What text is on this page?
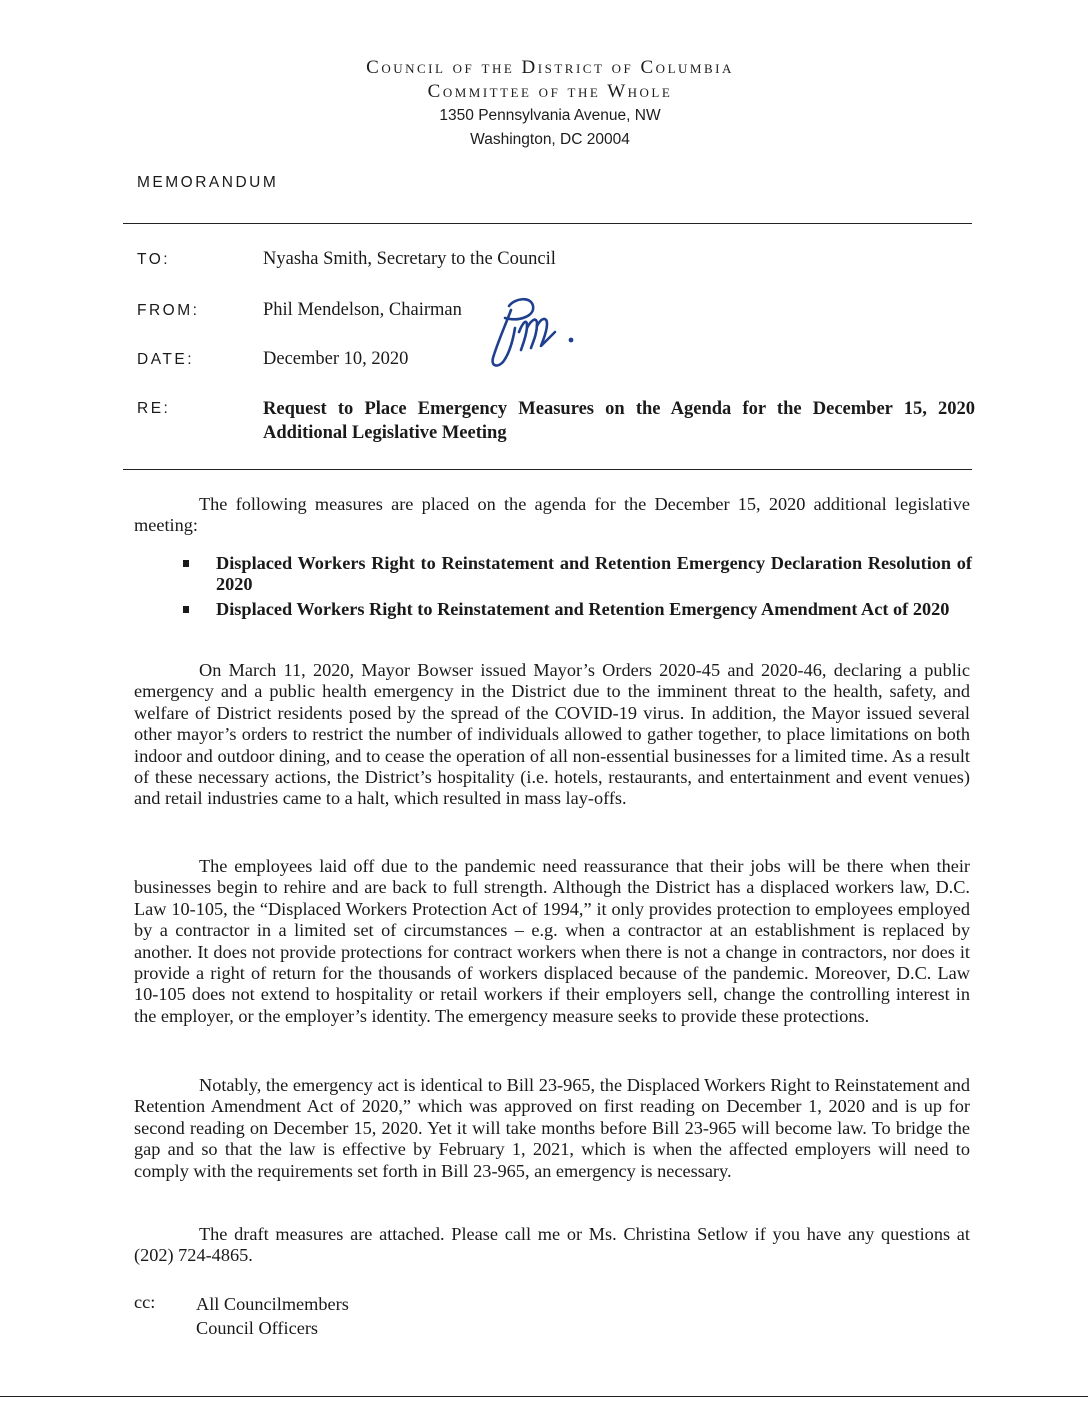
Council of the District of Columbia
Committee of the Whole
1350 Pennsylvania Avenue, NW
Washington, DC 20004
MEMORANDUM
TO:	Nyasha Smith, Secretary to the Council
FROM:	Phil Mendelson, Chairman
DATE:	December 10, 2020
RE:	Request to Place Emergency Measures on the Agenda for the December 15, 2020 Additional Legislative Meeting
The following measures are placed on the agenda for the December 15, 2020 additional legislative meeting:
Displaced Workers Right to Reinstatement and Retention Emergency Declaration Resolution of 2020
Displaced Workers Right to Reinstatement and Retention Emergency Amendment Act of 2020
On March 11, 2020, Mayor Bowser issued Mayor’s Orders 2020-45 and 2020-46, declaring a public emergency and a public health emergency in the District due to the imminent threat to the health, safety, and welfare of District residents posed by the spread of the COVID-19 virus. In addition, the Mayor issued several other mayor’s orders to restrict the number of individuals allowed to gather together, to place limitations on both indoor and outdoor dining, and to cease the operation of all non-essential businesses for a limited time. As a result of these necessary actions, the District’s hospitality (i.e. hotels, restaurants, and entertainment and event venues) and retail industries came to a halt, which resulted in mass lay-offs.
The employees laid off due to the pandemic need reassurance that their jobs will be there when their businesses begin to rehire and are back to full strength. Although the District has a displaced workers law, D.C. Law 10-105, the “Displaced Workers Protection Act of 1994,” it only provides protection to employees employed by a contractor in a limited set of circumstances – e.g. when a contractor at an establishment is replaced by another. It does not provide protections for contract workers when there is not a change in contractors, nor does it provide a right of return for the thousands of workers displaced because of the pandemic. Moreover, D.C. Law 10-105 does not extend to hospitality or retail workers if their employers sell, change the controlling interest in the employer, or the employer’s identity. The emergency measure seeks to provide these protections.
Notably, the emergency act is identical to Bill 23-965, the Displaced Workers Right to Reinstatement and Retention Amendment Act of 2020,” which was approved on first reading on December 1, 2020 and is up for second reading on December 15, 2020. Yet it will take months before Bill 23-965 will become law. To bridge the gap and so that the law is effective by February 1, 2021, which is when the affected employers will need to comply with the requirements set forth in Bill 23-965, an emergency is necessary.
The draft measures are attached. Please call me or Ms. Christina Setlow if you have any questions at (202) 724-4865.
cc: All Councilmembers
Council Officers
